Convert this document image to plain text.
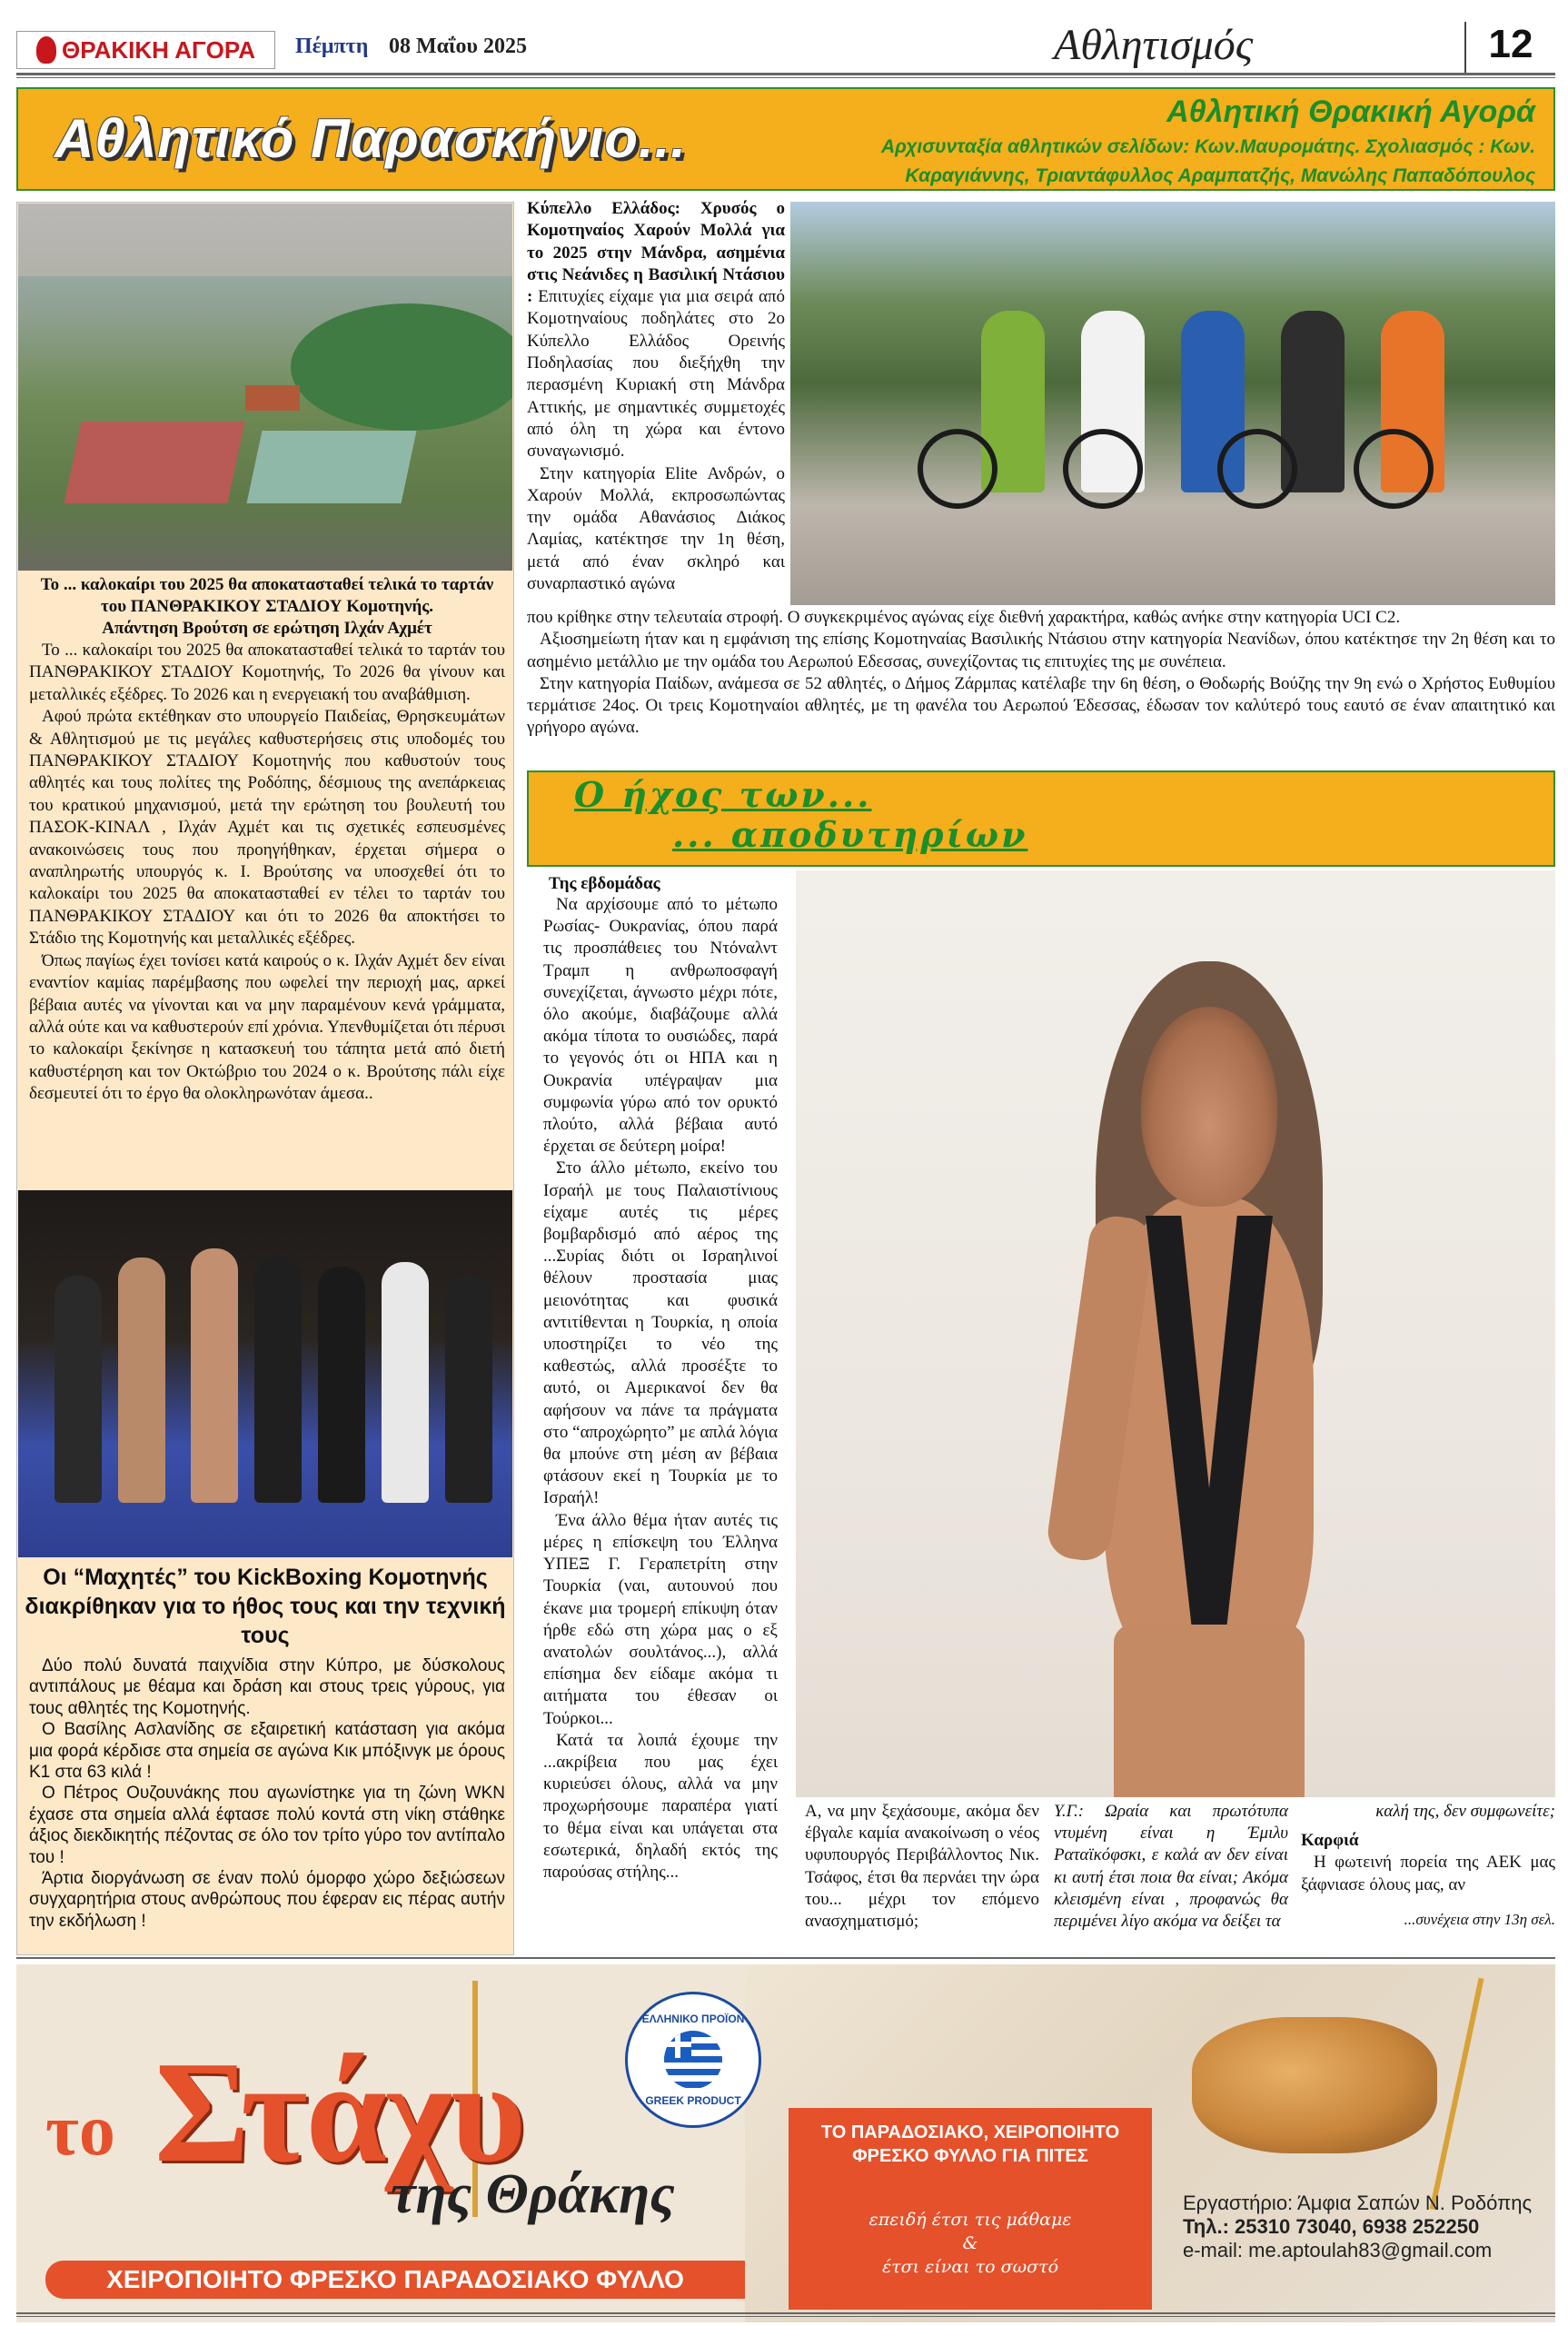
ΘΡΑΚΙΚΗ ΑΓΟΡΑ Πέμπτη 08 Μαΐου 2025	Αθλητισμός	12
Αθλητικό Παρασκήνιο...	Αθλητική Θρακική Αγορά
Αρχισυνταξία αθλητικών σελίδων: Κων.Μαυρομάτης. Σχολιασμός : Κων.
Καραγιάννης, Τριαντάφυλλος Αραμπατζής, Μανώλης Παπαδόπουλος
Το ... καλοκαίρι του 2025 θα αποκατασταθεί τελικά το ταρτάν του ΠΑΝΘΡΑΚΙΚΟΥ ΣΤΑΔΙΟΥ Κομοτηνής.
Απάντηση Βρούτση σε ερώτηση Ιλχάν Αχμέτ

Το ... καλοκαίρι του 2025 θα αποκατασταθεί τελικά το ταρτάν του ΠΑΝΘΡΑΚΙΚΟΥ ΣΤΑΔΙΟΥ Κομοτηνής, Το 2026 θα γίνουν και μεταλλικές εξέδρες. Το 2026 και η ενεργειακή του αναβάθμιση.

Αφού πρώτα εκτέθηκαν στο υπουργείο Παιδείας, Θρησκευμάτων & Αθλητισμού με τις μεγάλες καθυστερήσεις στις υποδομές του ΠΑΝΘΡΑΚΙΚΟΥ ΣΤΑΔΙΟΥ Κομοτηνής που καθυστούν τους αθλητές και τους πολίτες της Ροδόπης, δέσμιους της ανεπάρκειας του κρατικού μηχανισμού, μετά την ερώτηση του βουλευτή του ΠΑΣΟΚ-ΚΙΝΑΛ , Ιλχάν Αχμέτ και τις σχετικές εσπευσμένες ανακοινώσεις τους που προηγήθηκαν, έρχεται σήμερα ο αναπληρωτής υπουργός κ. Ι. Βρούτσης να υποσχεθεί ότι το καλοκαίρι του 2025 θα αποκατασταθεί εν τέλει το ταρτάν του ΠΑΝΘΡΑΚΙΚΟΥ ΣΤΑΔΙΟΥ και ότι το 2026 θα αποκτήσει το Στάδιο της Κομοτηνής και μεταλλικές εξέδρες.

Όπως παγίως έχει τονίσει κατά καιρούς ο κ. Ιλχάν Αχμέτ δεν είναι εναντίον καμίας παρέμβασης που ωφελεί την περιοχή μας, αρκεί βέβαια αυτές να γίνονται και να μην παραμένουν κενά γράμματα, αλλά ούτε και να καθυστερούν επί χρόνια. Υπενθυμίζεται ότι πέρυσι το καλοκαίρι ξεκίνησε η κατασκευή του τάπητα μετά από διετή καθυστέρηση και τον Οκτώβριο του 2024 ο κ. Βρούτσης πάλι είχε δεσμευτεί ότι το έργο θα ολοκληρωνόταν άμεσα..

Οι “Μαχητές” του KickBoxing Κομοτηνής διακρίθηκαν για το ήθος τους και την τεχνική τους

Δύο πολύ δυνατά παιχνίδια στην Κύπρο, με δύσκολους αντιπάλους με θέαμα και δράση και στους τρεις γύρους, για τους αθλητές της Κομοτηνής.

Ο Βασίλης Ασλανίδης σε εξαιρετική κατάσταση για ακόμα μια φορά κέρδισε στα σημεία σε αγώνα Κικ μπόξινγκ με όρους Κ1 στα 63 κιλά !

Ο Πέτρος Ουζουνάκης που αγωνίστηκε για τη ζώνη WKN έχασε στα σημεία αλλά έφτασε πολύ κοντά στη νίκη στάθηκε άξιος διεκδικητής πέζοντας σε όλο τον τρίτο γύρο τον αντίπαλο του !

Άρτια διοργάνωση σε έναν πολύ όμορφο χώρο δεξιώσεων συγχαρητήρια στους ανθρώπους που έφεραν εις πέρας αυτήν την εκδήλωση !

Κύπελλο Ελλάδος: Χρυσός ο Κομοτηναίος Χαρούν Μολλά για το 2025 στην Μάνδρα, ασημένια στις Νεάνιδες η Βασιλική Ντάσιου : Επιτυχίες είχαμε για μια σειρά από Κομοτηναίους ποδηλάτες στο 2ο Κύπελλο Ελλάδος Ορεινής Ποδηλασίας που διεξήχθη την περασμένη Κυριακή στη Μάνδρα Αττικής, με σημαντικές συμμετοχές από όλη τη χώρα και έντονο συναγωνισμό.

Στην κατηγορία Elite Ανδρών, ο Χαρούν Μολλά, εκπροσωπώντας την ομάδα Αθανάσιος Διάκος Λαμίας, κατέκτησε την 1η θέση, μετά από έναν σκληρό και συναρπαστικό αγώνα

που κρίθηκε στην τελευταία στροφή. Ο συγκεκριμένος αγώνας είχε διεθνή χαρακτήρα, καθώς ανήκε στην κατηγορία UCI C2.

Αξιοσημείωτη ήταν και η εμφάνιση της επίσης Κομοτηναίας Βασιλικής Ντάσιου στην κατηγορία Νεανίδων, όπου κατέκτησε την 2η θέση και το ασημένιο μετάλλιο με την ομάδα του Αερωπού Εδεσσας, συνεχίζοντας τις επιτυχίες της με συνέπεια.

Στην κατηγορία Παίδων, ανάμεσα σε 52 αθλητές, ο Δήμος Ζάρμπας κατέλαβε την 6η θέση, ο Θοδωρής Βούζης την 9η ενώ ο Χρήστος Ευθυμίου τερμάτισε 24ος. Οι τρεις Κομοτηναίοι αθλητές, με τη φανέλα του Αερωπού Έδεσσας, έδωσαν τον καλύτερό τους εαυτό σε έναν απαιτητικό και γρήγορο αγώνα.

Ο ήχος των...
... αποδυτηρίων
Της εβδομάδας

Να αρχίσουμε από το μέτωπο Ρωσίας- Ουκρανίας, όπου παρά τις προσπάθειες του Ντόναλντ Τραμπ η ανθρωποσφαγή συνεχίζεται, άγνωστο μέχρι πότε, όλο ακούμε, διαβάζουμε αλλά ακόμα τίποτα το ουσιώδες, παρά το γεγονός ότι οι ΗΠΑ και η Ουκρανία υπέγραψαν μια συμφωνία γύρω από τον ορυκτό πλούτο, αλλά βέβαια αυτό έρχεται σε δεύτερη μοίρα!

Στο άλλο μέτωπο, εκείνο του Ισραήλ με τους Παλαιστίνιους είχαμε αυτές τις μέρες βομβαρδισμό από αέρος της ...Συρίας διότι οι Ισραηλινοί θέλουν προστασία μιας μειονότητας και φυσικά αντιτίθενται η Τουρκία, η οποία υποστηρίζει το νέο της καθεστώς, αλλά προσέξτε το αυτό, οι Αμερικανοί δεν θα αφήσουν να πάνε τα πράγματα στο “απροχώρητο” με απλά λόγια θα μπούνε στη μέση αν βέβαια φτάσουν εκεί η Τουρκία με το Ισραήλ!

Ένα άλλο θέμα ήταν αυτές τις μέρες η επίσκεψη του Έλληνα ΥΠΕΞ Γ. Γεραπετρίτη στην Τουρκία (ναι, αυτουνού που έκανε μια τρομερή επίκυψη όταν ήρθε εδώ στη χώρα μας ο εξ ανατολών σουλτάνος...), αλλά επίσημα δεν είδαμε ακόμα τι αιτήματα του έθεσαν οι Τούρκοι...

Κατά τα λοιπά έχουμε την ...ακρίβεια που μας έχει κυριεύσει όλους, αλλά να μην προχωρήσουμε παραπέρα γιατί το θέμα είναι και υπάγεται στα εσωτερικά, δηλαδή εκτός της παρούσας στήλης...

Α, να μην ξεχάσουμε, ακόμα δεν έβγαλε καμία ανακοίνωση ο νέος υφυπουργός Περιβάλλοντος Νικ. Τσάφος, έτσι θα περνάει την ώρα του... μέχρι τον επόμενο ανασχηματισμό;
Υ.Γ.: Ωραία και πρωτότυπα ντυμένη είναι η Έμιλυ Ραταϊκόφσκι, ε καλά αν δεν είναι κι αυτή έτσι ποια θα είναι; Ακόμα κλεισμένη είναι , προφανώς θα περιμένει λίγο ακόμα να δείξει τα
καλή της, δεν συμφωνείτε;
Καρφιά
Η φωτεινή πορεία της ΑΕΚ μας ξάφνιασε όλους μας, αν
...συνέχεια στην 13η σελ.
το Στάχυ
της Θράκης
ΕΛΛΗΝΙΚΟ ΠΡΟΪΟΝ
GREEK PRODUCT
ΧΕΙΡΟΠΟΙΗΤΟ ΦΡΕΣΚΟ ΠΑΡΑΔΟΣΙΑΚΟ ΦΥΛΛΟ
ΤΟ ΠΑΡΑΔΟΣΙΑΚΟ, ΧΕΙΡΟΠΟΙΗΤΟ
ΦΡΕΣΚΟ ΦΥΛΛΟ ΓΙΑ ΠΙΤΕΣ
επειδή έτσι τις μάθαμε
&
έτσι είναι το σωστό
Εργαστήριο: Άμφια Σαπών Ν. Ροδόπης
Τηλ.: 25310 73040, 6938 252250
e-mail: me.aptoulah83@gmail.com
